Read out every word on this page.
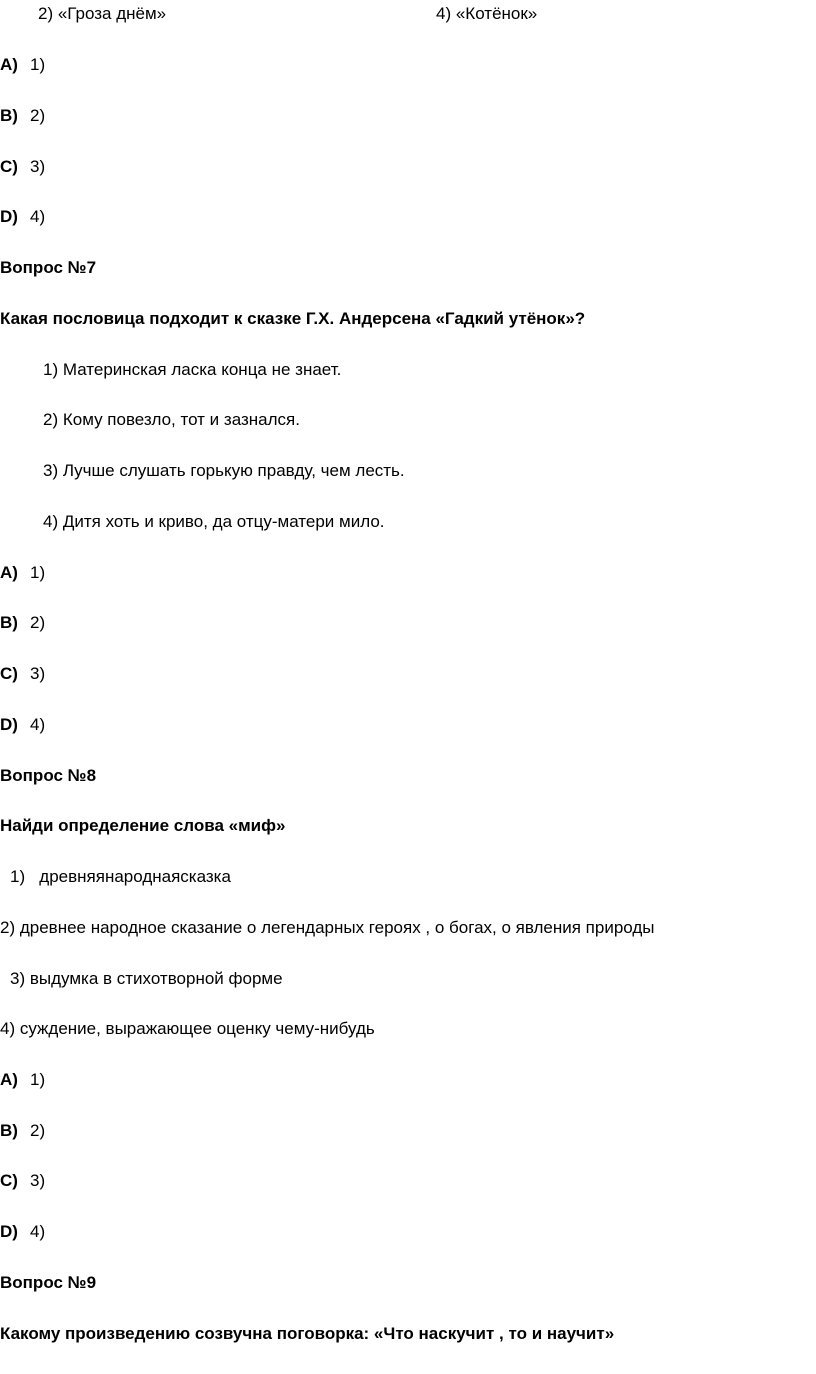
2) «Гроза днём»	4) «Котёнок»
A) 1)
B) 2)
C) 3)
D) 4)
Вопрос №7
Какая пословица подходит к сказке Г.Х. Андерсена «Гадкий утёнок»?
1) Материнская ласка конца не знает.
2) Кому повезло, тот и зазнался.
3) Лучше слушать горькую правду, чем лесть.
4) Дитя хоть и криво, да отцу-матери мило.
A) 1)
B) 2)
C) 3)
D) 4)
Вопрос №8
Найди определение слова «миф»
1)   древняянароднаясказка
2) древнее народное сказание о легендарных героях , о богах, о явления природы
3) выдумка в стихотворной форме
4) суждение, выражающее оценку чему-нибудь
A) 1)
B) 2)
C) 3)
D) 4)
Вопрос №9
Какому произведению созвучна поговорка: «Что наскучит , то и научит»
